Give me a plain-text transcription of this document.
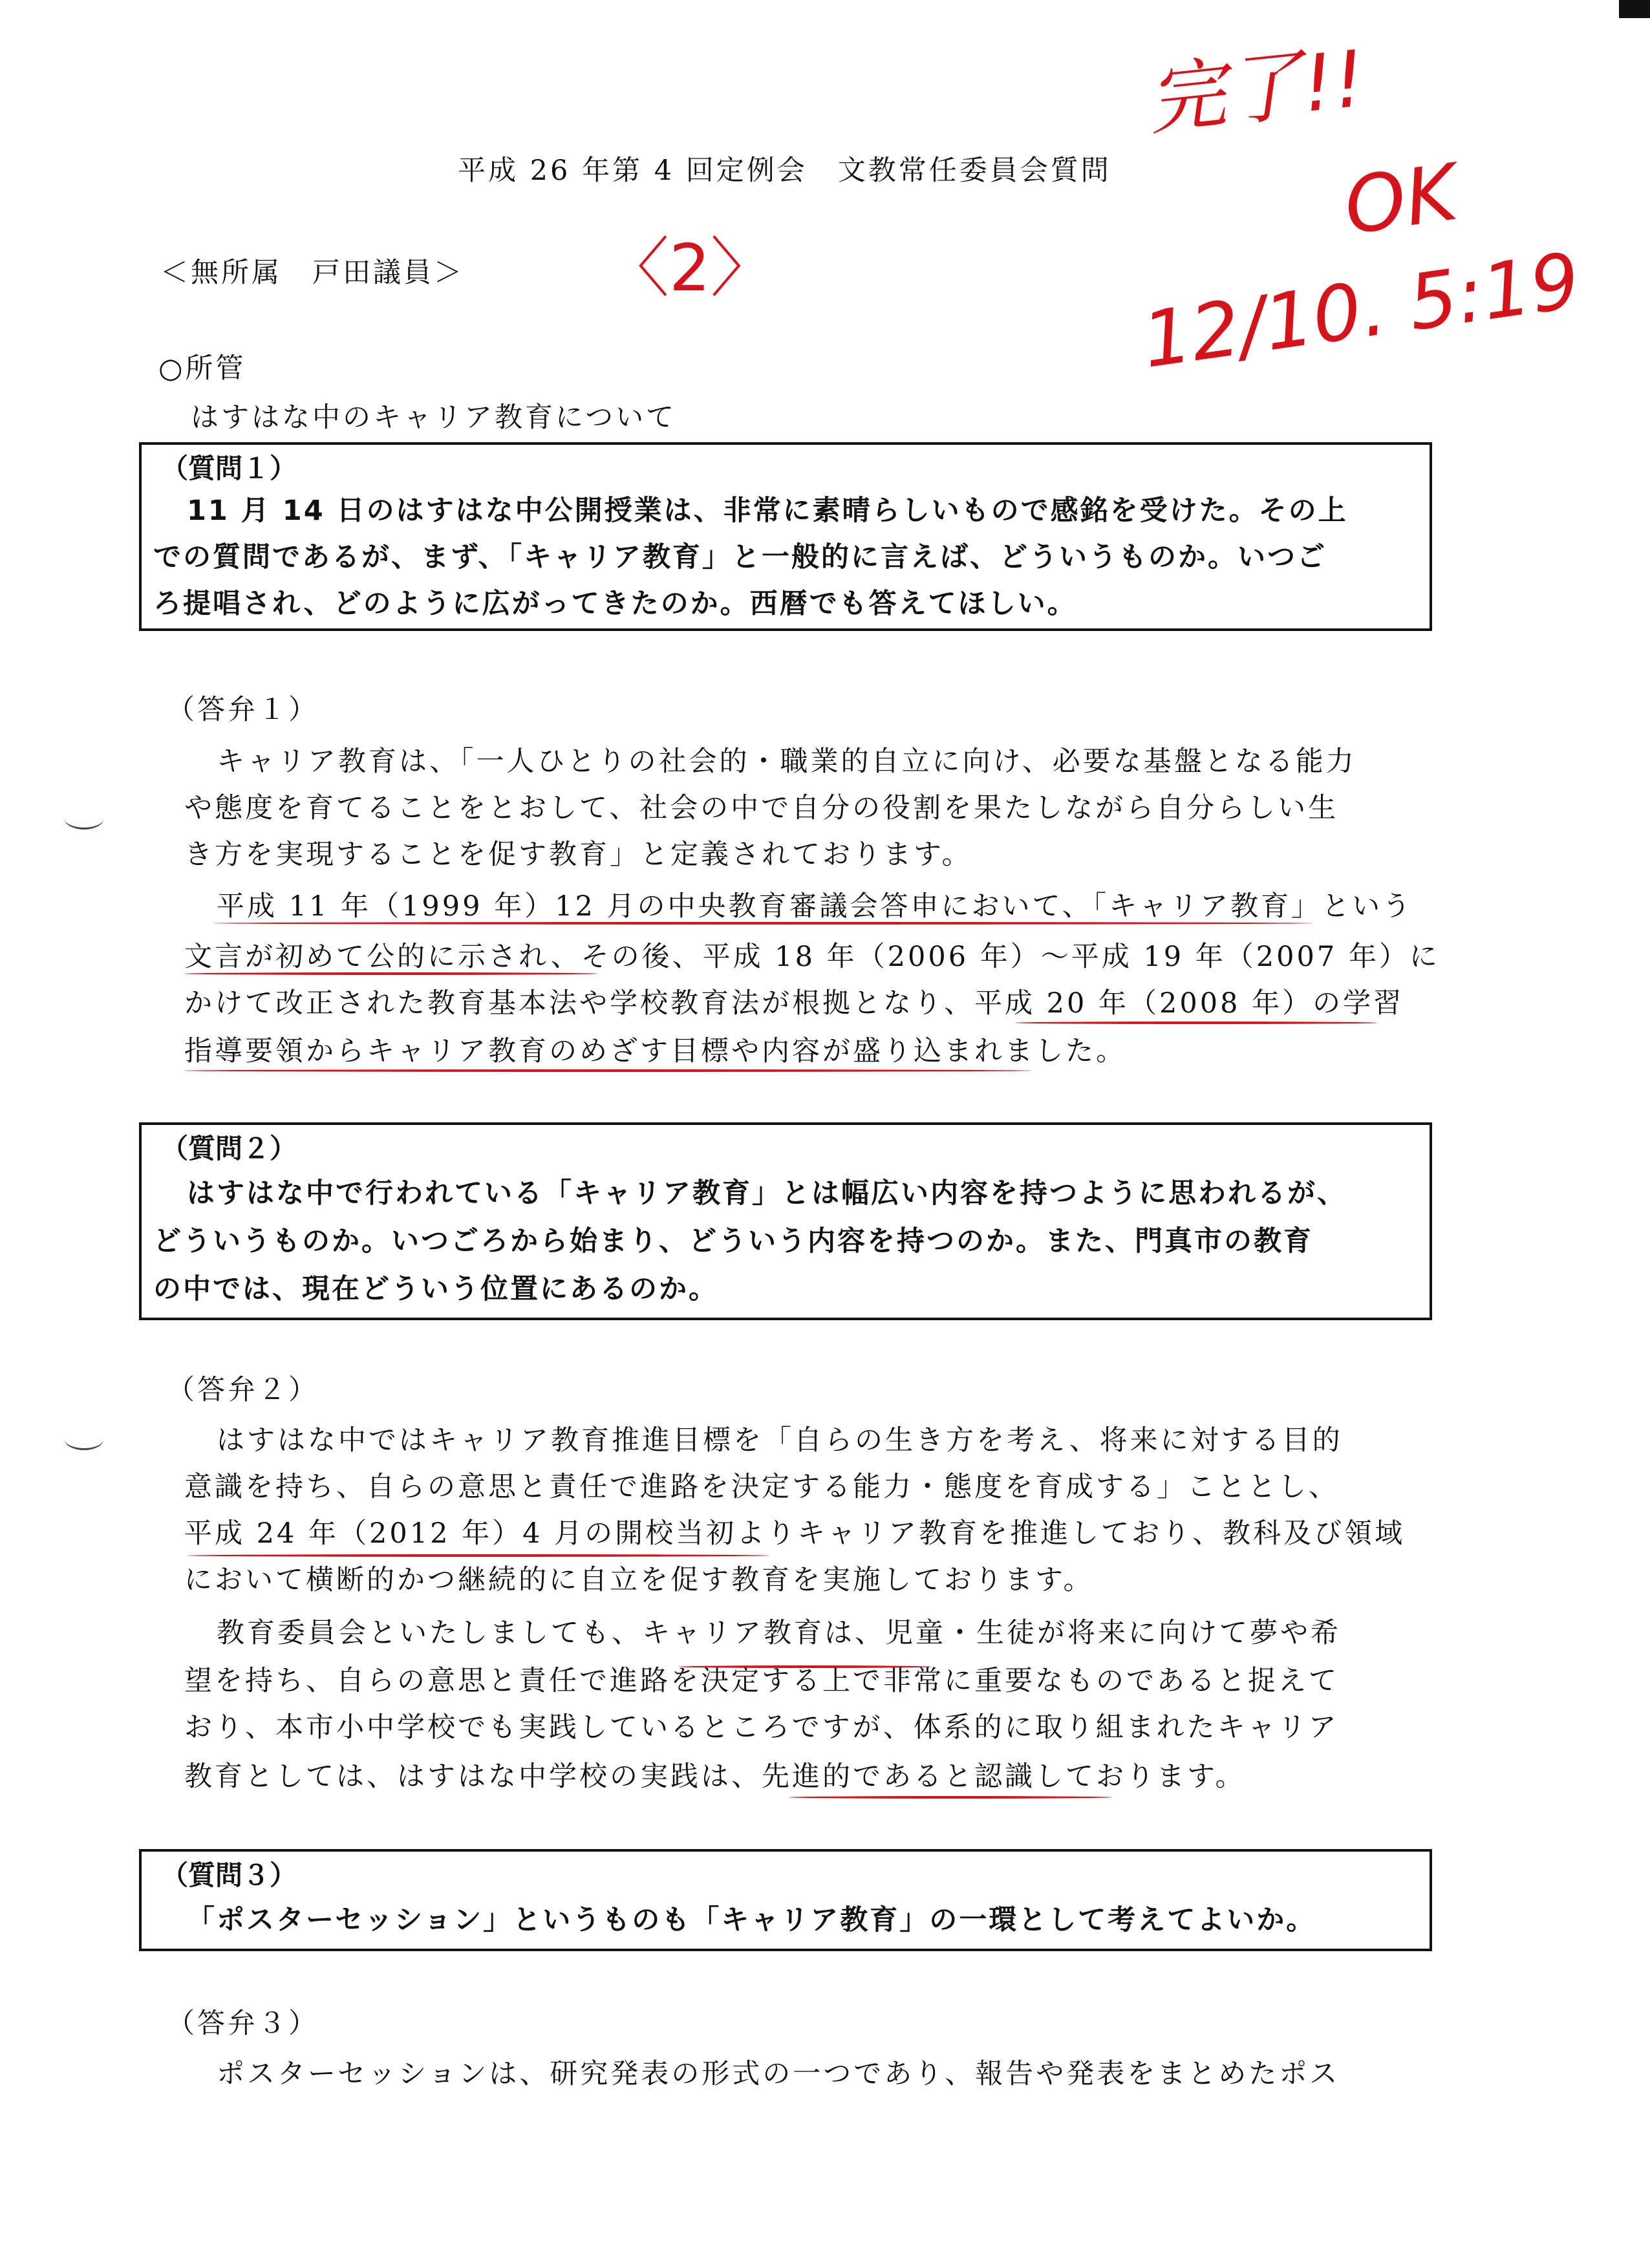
平成 26 年第 4 回定例会　文教常任委員会質問
＜無所属　戸田議員＞ 〈2〉
完了!!
OK
12/10. 5:19
○所管
はすはな中のキャリア教育について
（質問１）
11 月 14 日のはすはな中公開授業は、非常に素晴らしいもので感銘を受けた。その上
での質問であるが、まず、「キャリア教育」と一般的に言えば、どういうものか。いつご
ろ提唱され、どのように広がってきたのか。西暦でも答えてほしい。
（答弁１）
キャリア教育は、「一人ひとりの社会的・職業的自立に向け、必要な基盤となる能力
や態度を育てることをとおして、社会の中で自分の役割を果たしながら自分らしい生
き方を実現することを促す教育」と定義されております。
平成 11 年（1999 年）12 月の中央教育審議会答申において、「キャリア教育」という
文言が初めて公的に示され、その後、平成 18 年（2006 年）～平成 19 年（2007 年）に
かけて改正された教育基本法や学校教育法が根拠となり、平成 20 年（2008 年）の学習
指導要領からキャリア教育のめざす目標や内容が盛り込まれました。
（質問２）
はすはな中で行われている「キャリア教育」とは幅広い内容を持つように思われるが、
どういうものか。いつごろから始まり、どういう内容を持つのか。また、門真市の教育
の中では、現在どういう位置にあるのか。
（答弁２）
はすはな中ではキャリア教育推進目標を「自らの生き方を考え、将来に対する目的
意識を持ち、自らの意思と責任で進路を決定する能力・態度を育成する」こととし、
平成 24 年（2012 年）4 月の開校当初よりキャリア教育を推進しており、教科及び領域
において横断的かつ継続的に自立を促す教育を実施しております。
教育委員会といたしましても、キャリア教育は、児童・生徒が将来に向けて夢や希
望を持ち、自らの意思と責任で進路を決定する上で非常に重要なものであると捉えて
おり、本市小中学校でも実践しているところですが、体系的に取り組まれたキャリア
教育としては、はすはな中学校の実践は、先進的であると認識しております。
（質問３）
「ポスターセッション」というものも「キャリア教育」の一環として考えてよいか。
（答弁３）
ポスターセッションは、研究発表の形式の一つであり、報告や発表をまとめたポス
